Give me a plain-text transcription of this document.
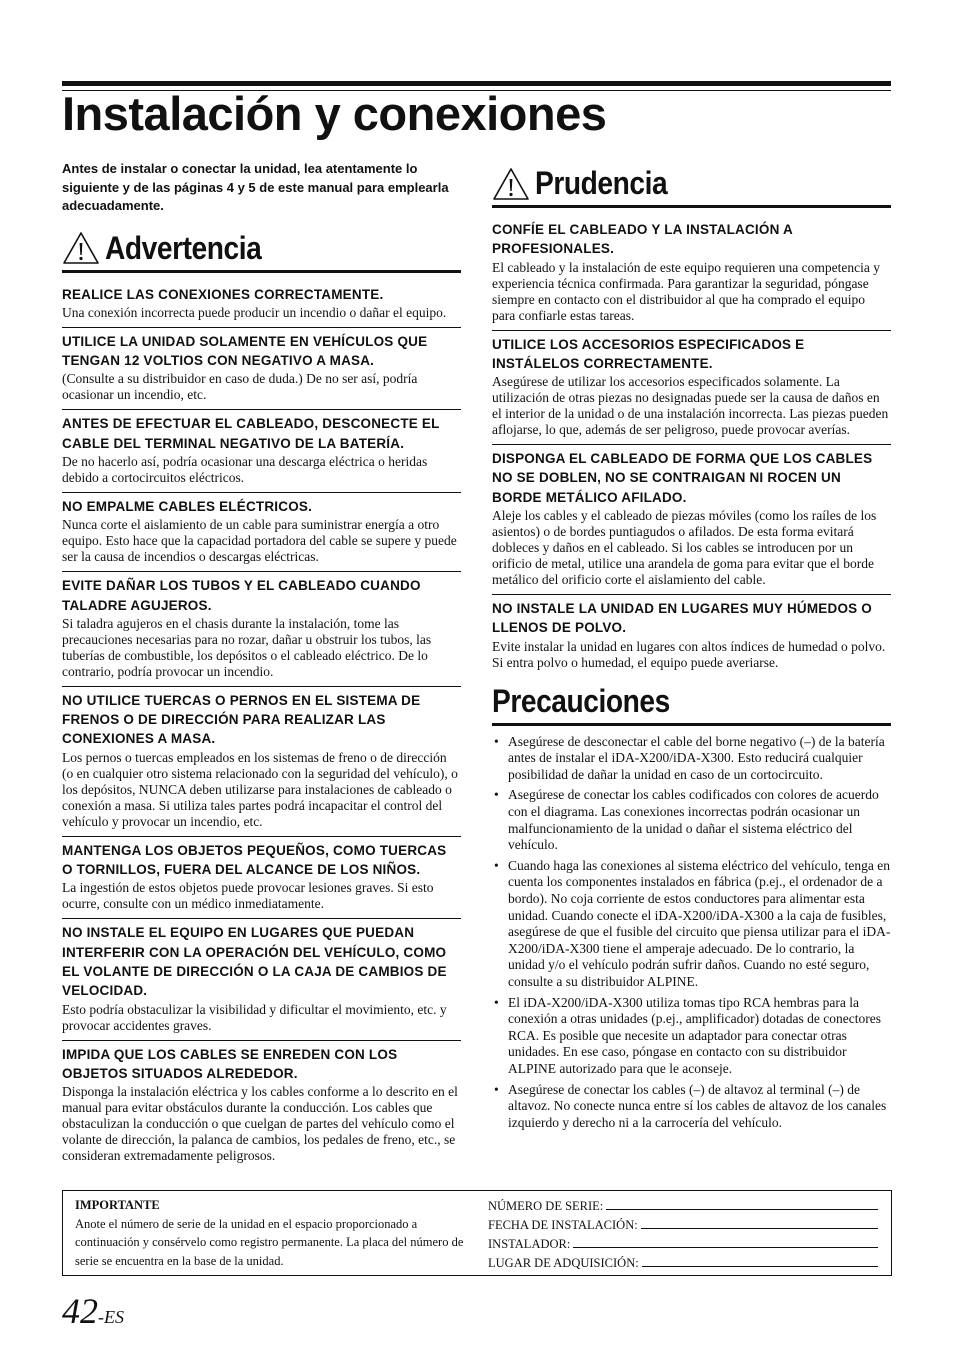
Instalación y conexiones

Antes de instalar o conectar la unidad, lea atentamente lo siguiente y de las páginas 4 y 5 de este manual para emplearla adecuadamente.

Advertencia

REALICE LAS CONEXIONES CORRECTAMENTE.

Una conexión incorrecta puede producir un incendio o dañar el equipo.

UTILICE LA UNIDAD SOLAMENTE EN VEHÍCULOS QUE TENGAN 12 VOLTIOS CON NEGATIVO A MASA.

(Consulte a su distribuidor en caso de duda.) De no ser así, podría ocasionar un incendio, etc.

ANTES DE EFECTUAR EL CABLEADO, DESCONECTE EL CABLE DEL TERMINAL NEGATIVO DE LA BATERÍA.

De no hacerlo así, podría ocasionar una descarga eléctrica o heridas debido a cortocircuitos eléctricos.

NO EMPALME CABLES ELÉCTRICOS.

Nunca corte el aislamiento de un cable para suministrar energía a otro equipo. Esto hace que la capacidad portadora del cable se supere y puede ser la causa de incendios o descargas eléctricas.

EVITE DAÑAR LOS TUBOS Y EL CABLEADO CUANDO TALADRE AGUJEROS.

Si taladra agujeros en el chasis durante la instalación, tome las precauciones necesarias para no rozar, dañar u obstruir los tubos, las tuberías de combustible, los depósitos o el cableado eléctrico. De lo contrario, podría provocar un incendio.

NO UTILICE TUERCAS O PERNOS EN EL SISTEMA DE FRENOS O DE DIRECCIÓN PARA REALIZAR LAS CONEXIONES A MASA.

Los pernos o tuercas empleados en los sistemas de freno o de dirección (o en cualquier otro sistema relacionado con la seguridad del vehículo), o los depósitos, NUNCA deben utilizarse para instalaciones de cableado o conexión a masa. Si utiliza tales partes podrá incapacitar el control del vehículo y provocar un incendio, etc.

MANTENGA LOS OBJETOS PEQUEÑOS, COMO TUERCAS O TORNILLOS, FUERA DEL ALCANCE DE LOS NIÑOS.

La ingestión de estos objetos puede provocar lesiones graves. Si esto ocurre, consulte con un médico inmediatamente.

NO INSTALE EL EQUIPO EN LUGARES QUE PUEDAN INTERFERIR CON LA OPERACIÓN DEL VEHÍCULO, COMO EL VOLANTE DE DIRECCIÓN O LA CAJA DE CAMBIOS DE VELOCIDAD.

Esto podría obstaculizar la visibilidad y dificultar el movimiento, etc. y provocar accidentes graves.

IMPIDA QUE LOS CABLES SE ENREDEN CON LOS OBJETOS SITUADOS ALREDEDOR.

Disponga la instalación eléctrica y los cables conforme a lo descrito en el manual para evitar obstáculos durante la conducción. Los cables que obstaculizan la conducción o que cuelgan de partes del vehículo como el volante de dirección, la palanca de cambios, los pedales de freno, etc., se consideran extremadamente peligrosos.

Prudencia

CONFÍE EL CABLEADO Y LA INSTALACIÓN A PROFESIONALES.

El cableado y la instalación de este equipo requieren una competencia y experiencia técnica confirmada. Para garantizar la seguridad, póngase siempre en contacto con el distribuidor al que ha comprado el equipo para confiarle estas tareas.

UTILICE LOS ACCESORIOS ESPECIFICADOS E INSTÁLELOS CORRECTAMENTE.

Asegúrese de utilizar los accesorios especificados solamente. La utilización de otras piezas no designadas puede ser la causa de daños en el interior de la unidad o de una instalación incorrecta. Las piezas pueden aflojarse, lo que, además de ser peligroso, puede provocar averías.

DISPONGA EL CABLEADO DE FORMA QUE LOS CABLES NO SE DOBLEN, NO SE CONTRAIGAN NI ROCEN UN BORDE METÁLICO AFILADO.

Aleje los cables y el cableado de piezas móviles (como los raíles de los asientos) o de bordes puntiagudos o afilados. De esta forma evitará dobleces y daños en el cableado. Si los cables se introducen por un orificio de metal, utilice una arandela de goma para evitar que el borde metálico del orificio corte el aislamiento del cable.

NO INSTALE LA UNIDAD EN LUGARES MUY HÚMEDOS O LLENOS DE POLVO.

Evite instalar la unidad en lugares con altos índices de humedad o polvo. Si entra polvo o humedad, el equipo puede averiarse.

Precauciones
• Asegúrese de desconectar el cable del borne negativo (–) de la batería antes de instalar el iDA-X200/iDA-X300. Esto reducirá cualquier posibilidad de dañar la unidad en caso de un cortocircuito.
• Asegúrese de conectar los cables codificados con colores de acuerdo con el diagrama. Las conexiones incorrectas podrán ocasionar un malfuncionamiento de la unidad o dañar el sistema eléctrico del vehículo.
• Cuando haga las conexiones al sistema eléctrico del vehículo, tenga en cuenta los componentes instalados en fábrica (p.ej., el ordenador de a bordo). No coja corriente de estos conductores para alimentar esta unidad. Cuando conecte el iDA-X200/iDA-X300 a la caja de fusibles, asegúrese de que el fusible del circuito que piensa utilizar para el iDA-X200/iDA-X300 tiene el amperaje adecuado. De lo contrario, la unidad y/o el vehículo podrán sufrir daños. Cuando no esté seguro, consulte a su distribuidor ALPINE.
• El iDA-X200/iDA-X300 utiliza tomas tipo RCA hembras para la conexión a otras unidades (p.ej., amplificador) dotadas de conectores RCA. Es posible que necesite un adaptador para conectar otras unidades. En ese caso, póngase en contacto con su distribuidor ALPINE autorizado para que le aconseje.
• Asegúrese de conectar los cables (–) de altavoz al terminal (–) de altavoz. No conecte nunca entre sí los cables de altavoz de los canales izquierdo y derecho ni a la carrocería del vehículo.

IMPORTANTE

Anote el número de serie de la unidad en el espacio proporcionado a continuación y consérvelo como registro permanente. La placa del número de serie se encuentra en la base de la unidad.

NÚMERO DE SERIE:
FECHA DE INSTALACIÓN:
INSTALADOR:
LUGAR DE ADQUISICIÓN:
42-ES
